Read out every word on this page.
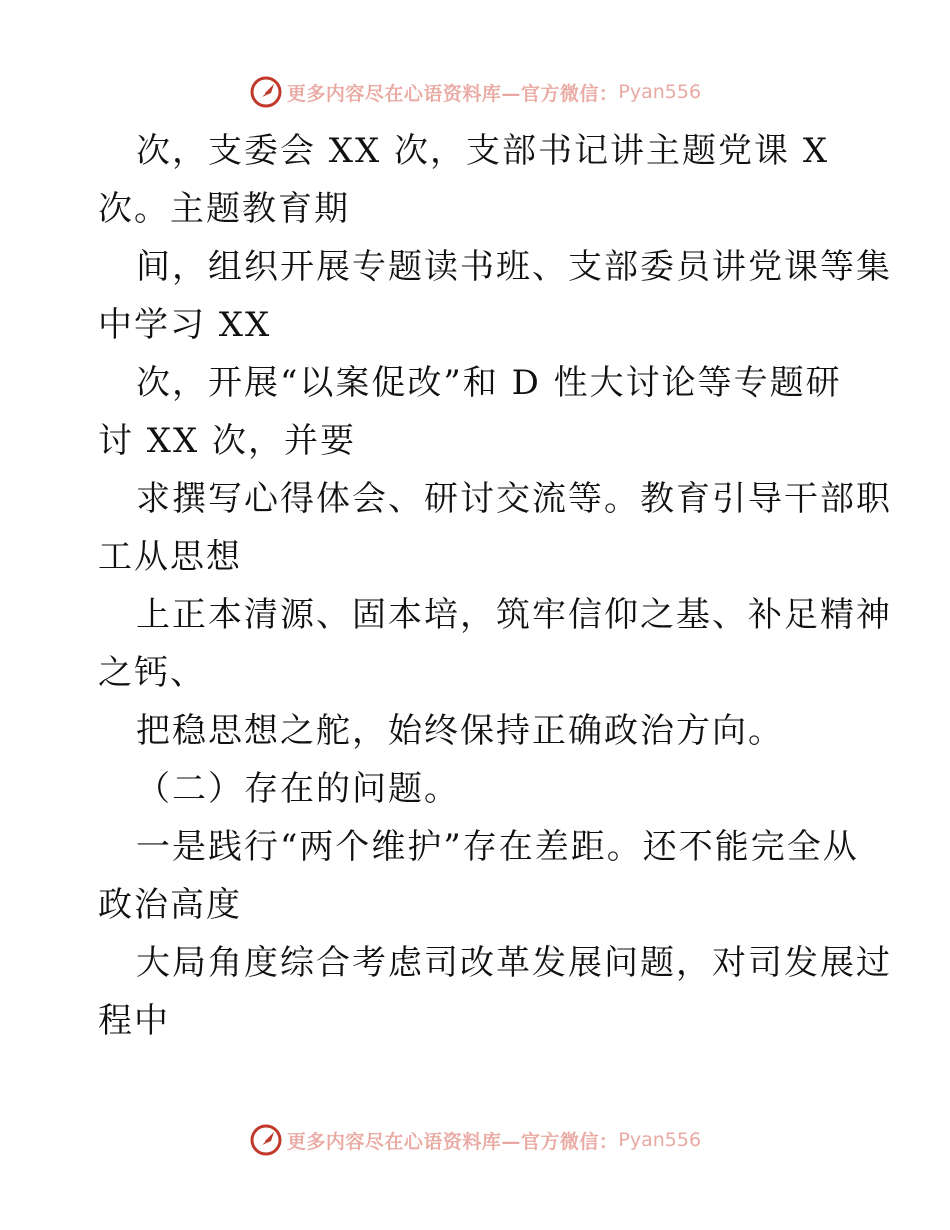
更多内容尽在心语资料库—官方微信： Pyan556
次，支委会 XX 次，支部书记讲主题党课 X
次。主题教育期
间，组织开展专题读书班、支部委员讲党课等集
中学习 XX
次，开展“以案促改”和 D 性大讨论等专题研
讨 XX 次，并要
求撰写心得体会、研讨交流等。教育引导干部职
工从思想
上正本清源、固本培，筑牢信仰之基、补足精神
之钙、
把稳思想之舵，始终保持正确政治方向。
（二）存在的问题。
一是践行“两个维护”存在差距。还不能完全从
政治高度
大局角度综合考虑司改革发展问题，对司发展过
程中
更多内容尽在心语资料库—官方微信： Pyan556
